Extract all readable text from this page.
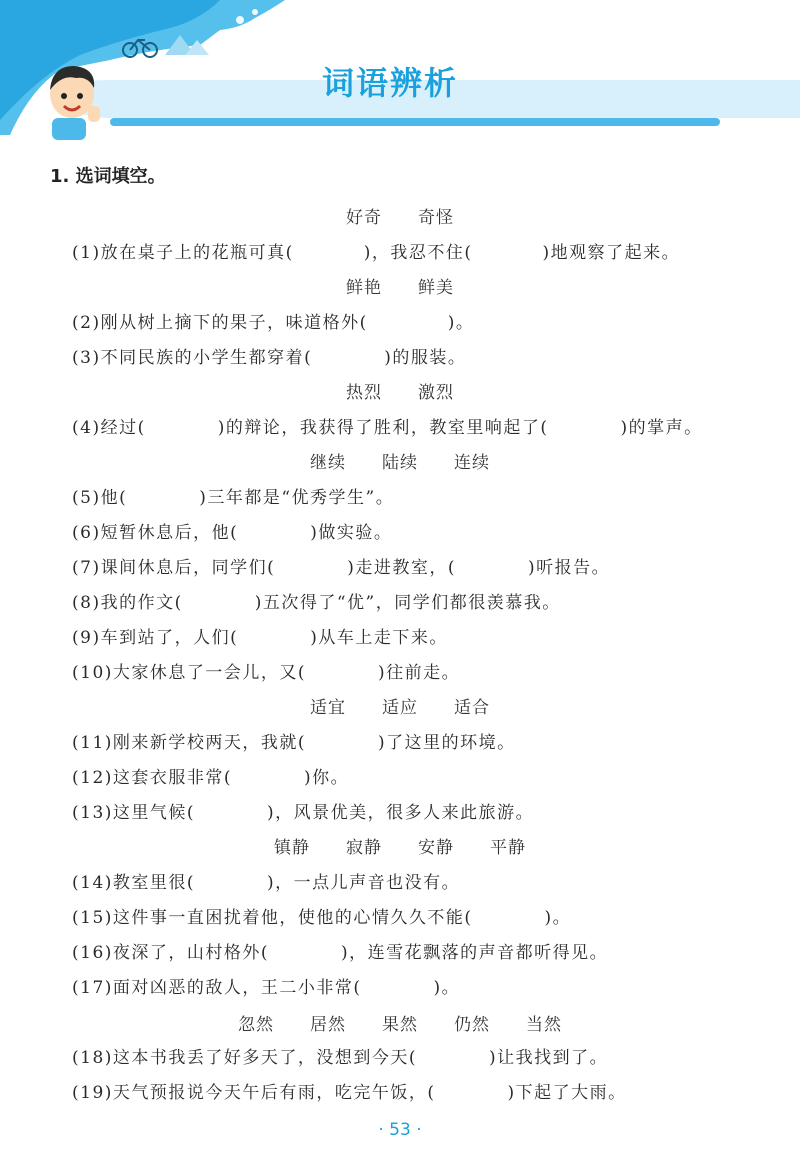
词语辨析
1. 选词填空。
好奇 奇怪
鲜艳 鲜美
热烈 激烈
继续 陆续 连续
适宜 适应 适合
镇静 寂静 安静 平静
忽然 居然 果然 仍然 当然
(1)放在桌子上的花瓶可真(	)，我忍不住(	)地观察了起来。
(2)刚从树上摘下的果子，味道格外(	)。
(3)不同民族的小学生都穿着(	)的服装。
(4)经过(	)的辩论，我获得了胜利，教室里响起了(	)的掌声。
(5)他(	)三年都是“优秀学生”。
(6)短暂休息后，他(	)做实验。
(7)课间休息后，同学们(	)走进教室，(	)听报告。
(8)我的作文(	)五次得了“优”，同学们都很羡慕我。
(9)车到站了，人们(	)从车上走下来。
(10)大家休息了一会儿，又(	)往前走。
(11)刚来新学校两天，我就(	)了这里的环境。
(12)这套衣服非常(	)你。
(13)这里气候(	)，风景优美，很多人来此旅游。
(14)教室里很(	)，一点儿声音也没有。
(15)这件事一直困扰着他，使他的心情久久不能(	)。
(16)夜深了，山村格外(	)，连雪花飘落的声音都听得见。
(17)面对凶恶的敌人，王二小非常(	)。
(18)这本书我丢了好多天了，没想到今天(	)让我找到了。
(19)天气预报说今天午后有雨，吃完午饭，(	)下起了大雨。
· 53 ·
